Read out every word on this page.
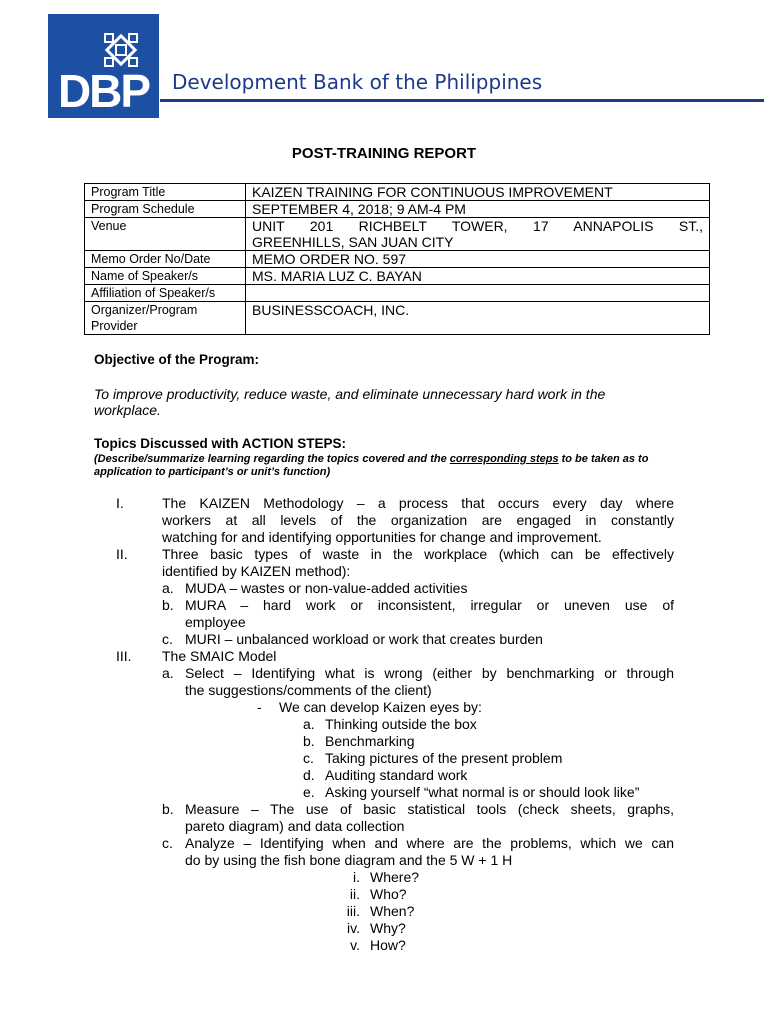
DBP	Development Bank of the Philippines
POST-TRAINING REPORT
Program Title	KAIZEN TRAINING FOR CONTINUOUS IMPROVEMENT
Program Schedule	SEPTEMBER 4, 2018; 9 AM-4 PM
Venue	UNIT 201 RICHBELT TOWER, 17 ANNAPOLIS ST.,
GREENHILLS, SAN JUAN CITY

Memo Order No/Date	MEMO ORDER NO. 597
Name of Speaker/s	MS. MARIA LUZ C. BAYAN
Affiliation of Speaker/s	

Organizer/Program
Provider	BUSINESSCOACH, INC.
Objective of the Program:
To improve productivity, reduce waste, and eliminate unnecessary hard work in the workplace.
Topics Discussed with ACTION STEPS:
(Describe/summarize learning regarding the topics covered and the corresponding steps to be taken as to application to participant’s or unit’s function)
I.	The KAIZEN Methodology – a process that occurs every day where
workers at all levels of the organization are engaged in constantly
watching for and identifying opportunities for change and improvement.
II. Three basic types of waste in the workplace (which can be effectively
identified by KAIZEN method):
a. MUDA – wastes or non-value-added activities
b. MURA – hard work or inconsistent, irregular or uneven use of
employee
c. MURI – unbalanced workload or work that creates burden
III. The SMAIC Model
a. Select – Identifying what is wrong (either by benchmarking or through
the suggestions/comments of the client)
- We can develop Kaizen eyes by:
a. Thinking outside the box
b. Benchmarking
c. Taking pictures of the present problem
d. Auditing standard work
e. Asking yourself “what normal is or should look like”
b. Measure – The use of basic statistical tools (check sheets, graphs,
pareto diagram) and data collection
c. Analyze – Identifying when and where are the problems, which we can
do by using the fish bone diagram and the 5 W + 1 H
i. Where?
ii. Who?
iii. When?
iv. Why?
v. How?
